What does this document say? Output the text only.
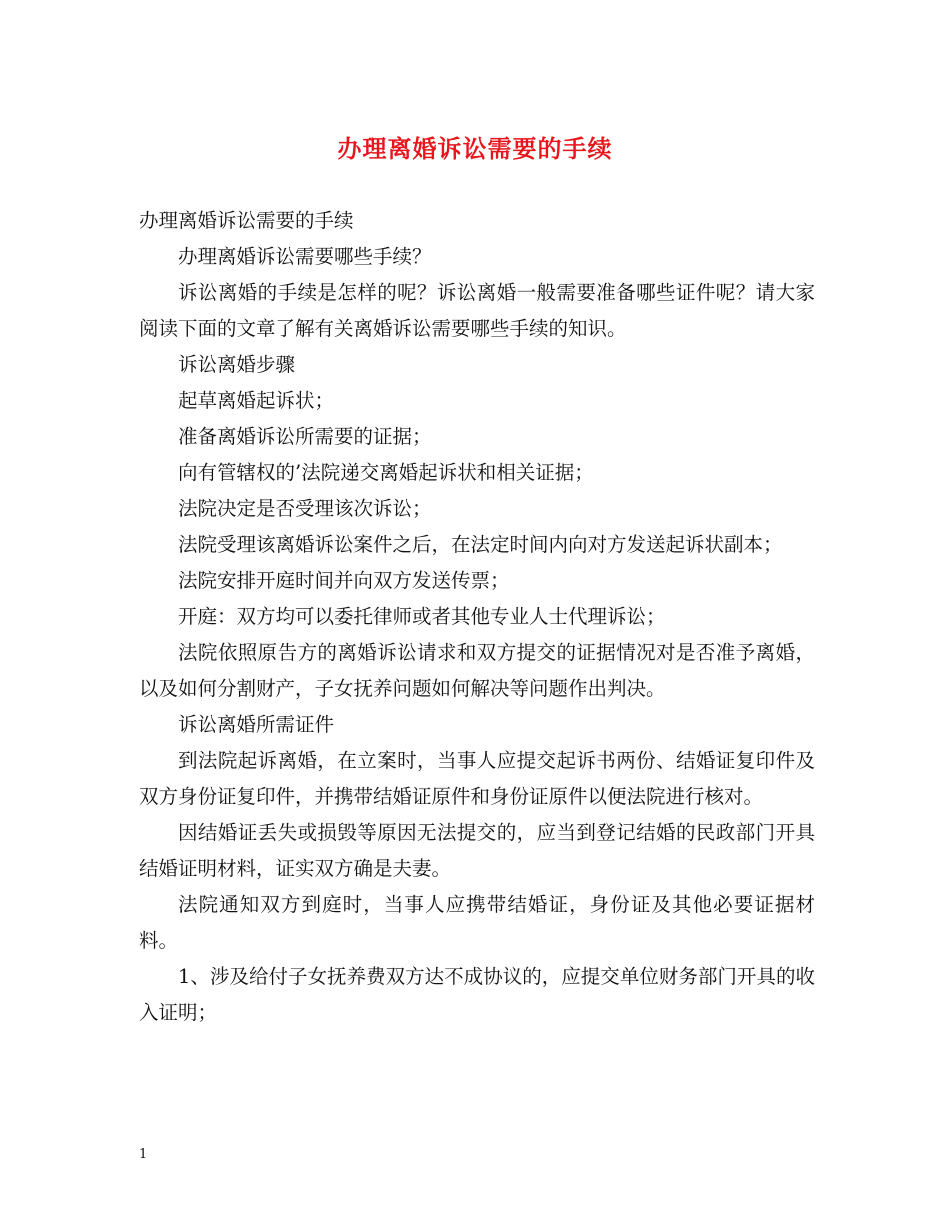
办理离婚诉讼需要的手续

办理离婚诉讼需要的手续

办理离婚诉讼需要哪些手续？

诉讼离婚的手续是怎样的呢？诉讼离婚一般需要准备哪些证件呢？请大家阅读下面的文章了解有关离婚诉讼需要哪些手续的知识。

诉讼离婚步骤

起草离婚起诉状；

准备离婚诉讼所需要的证据；

向有管辖权的’法院递交离婚起诉状和相关证据；

法院决定是否受理该次诉讼；

法院受理该离婚诉讼案件之后，在法定时间内向对方发送起诉状副本；

法院安排开庭时间并向双方发送传票；

开庭：双方均可以委托律师或者其他专业人士代理诉讼；

法院依照原告方的离婚诉讼请求和双方提交的证据情况对是否准予离婚，以及如何分割财产，子女抚养问题如何解决等问题作出判决。

诉讼离婚所需证件

到法院起诉离婚，在立案时，当事人应提交起诉书两份、结婚证复印件及双方身份证复印件，并携带结婚证原件和身份证原件以便法院进行核对。

因结婚证丢失或损毁等原因无法提交的，应当到登记结婚的民政部门开具结婚证明材料，证实双方确是夫妻。

法院通知双方到庭时，当事人应携带结婚证，身份证及其他必要证据材料。

1、涉及给付子女抚养费双方达不成协议的，应提交单位财务部门开具的收入证明；

1
